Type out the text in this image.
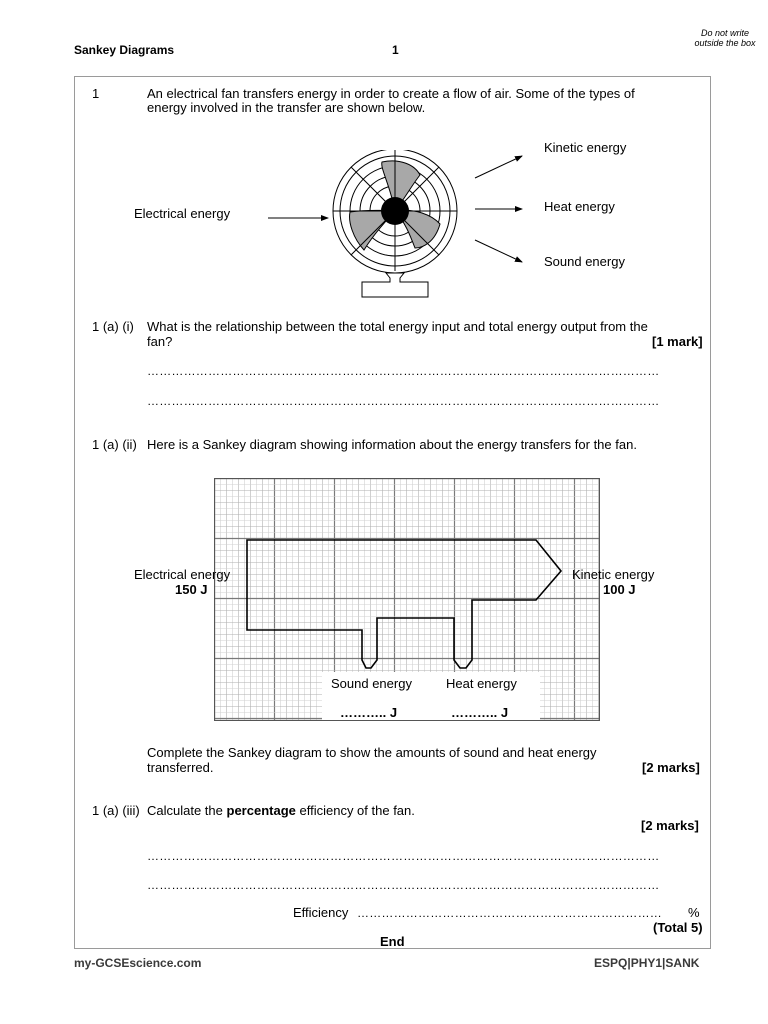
Sankey Diagrams	1
Do not write outside the box
1	An electrical fan transfers energy in order to create a flow of air. Some of the types of
energy involved in the transfer are shown below.
Electrical energy
Kinetic energy
Heat energy
Sound energy
1 (a) (i) What is the relationship between the total energy input and total energy output from the
fan?	[1 mark]
………………………………………………………………………………………………………………
………………………………………………………………………………………………………………
1 (a) (ii) Here is a Sankey diagram showing information about the energy transfers for the fan.
Electrical energy
150 J
Kinetic energy
100 J
Sound energy
……….. J
Heat energy
……….. J
Complete the Sankey diagram to show the amounts of sound and heat energy
transferred.	[2 marks]
1 (a) (iii) Calculate the percentage efficiency of the fan.
[2 marks]
………………………………………………………………………………………………………………
………………………………………………………………………………………………………………
Efficiency …………………………………………………………………	%
(Total 5)
End
my-GCSEscience.com	ESPQ|PHY1|SANK
